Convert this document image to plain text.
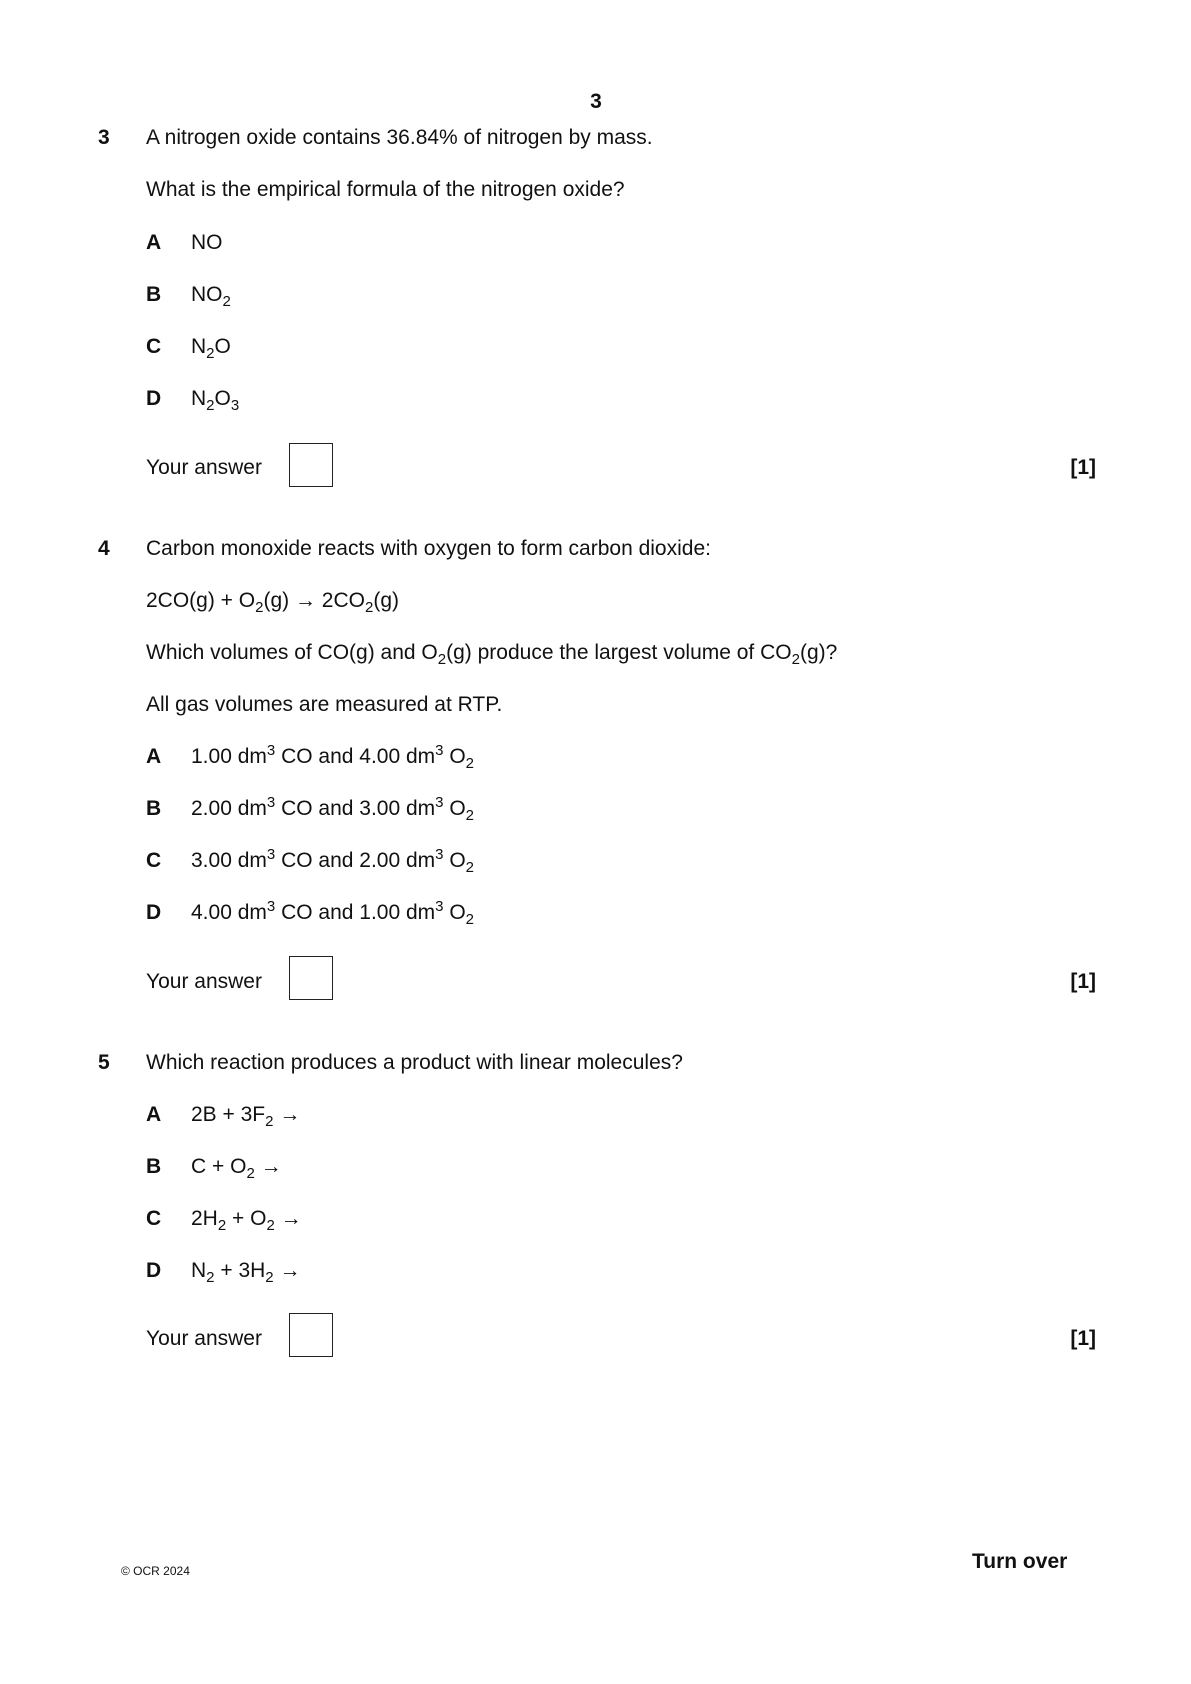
3
3 A nitrogen oxide contains 36.84% of nitrogen by mass.
What is the empirical formula of the nitrogen oxide?
A NO
B $NO_2$
C $N_2O$
D $N_2O_3$
Your answer	[1]
4 Carbon monoxide reacts with oxygen to form carbon dioxide:
$2CO(g) + O_2(g) \to 2CO_2(g)$
Which volumes of CO(g) and $O_2(g)$ produce the largest volume of $CO_2(g)$?
All gas volumes are measured at RTP.
A 1.00 $dm^3$ CO and 4.00 $dm^3$ $O_2$
B 2.00 $dm^3$ CO and 3.00 $dm^3$ $O_2$
C 3.00 $dm^3$ CO and 2.00 $dm^3$ $O_2$
D 4.00 $dm^3$ CO and 1.00 $dm^3$ $O_2$
Your answer	[1]
5 Which reaction produces a product with linear molecules?
A $2B + 3F_2$ →
B $C + O_2$ →
C $2H_2 + O_2$ →
D $N_2 + 3H_2$ →
Your answer	[1]
© OCR 2024	Turn over
